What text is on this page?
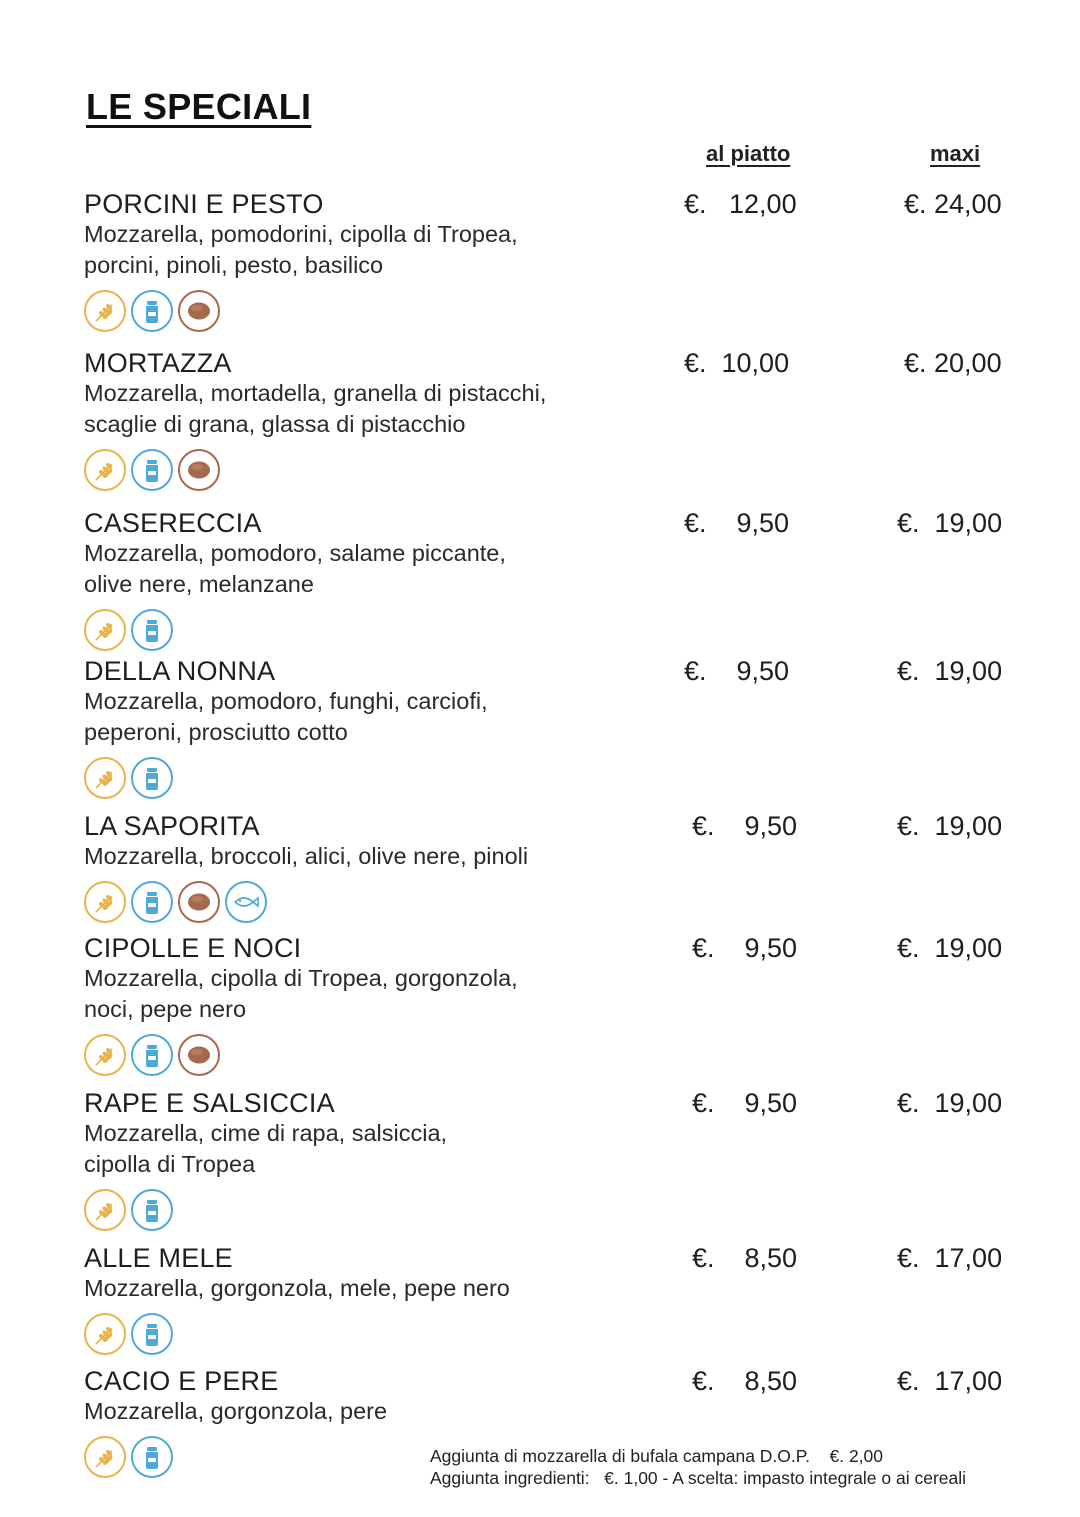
LE SPECIALI
al piatto	maxi
PORCINI E PESTO
Mozzarella, pomodorini, cipolla di Tropea,
porcini, pinoli, pesto, basilico
€.   12,00	€. 24,00
MORTAZZA
Mozzarella, mortadella, granella di pistacchi,
scaglie di grana, glassa di pistacchio
€.  10,00	€. 20,00
CASERECCIA
Mozzarella, pomodoro, salame piccante,
olive nere, melanzane
€.    9,50	€.  19,00
DELLA NONNA
Mozzarella, pomodoro, funghi, carciofi,
peperoni, prosciutto cotto
€.    9,50	€.  19,00
LA SAPORITA
Mozzarella, broccoli, alici, olive nere, pinoli
€.    9,50	€.  19,00
CIPOLLE E NOCI
Mozzarella, cipolla di Tropea, gorgonzola,
noci, pepe nero
€.    9,50	€.  19,00
RAPE E SALSICCIA
Mozzarella, cime di rapa, salsiccia,
cipolla di Tropea
€.    9,50	€.  19,00
ALLE MELE
Mozzarella, gorgonzola, mele, pepe nero
€.    8,50	€.  17,00
CACIO E PERE
Mozzarella, gorgonzola, pere
€.    8,50	€.  17,00
Aggiunta di mozzarella di bufala campana D.O.P.    €. 2,00
Aggiunta ingredienti:   €. 1,00 - A scelta: impasto integrale o ai cereali
